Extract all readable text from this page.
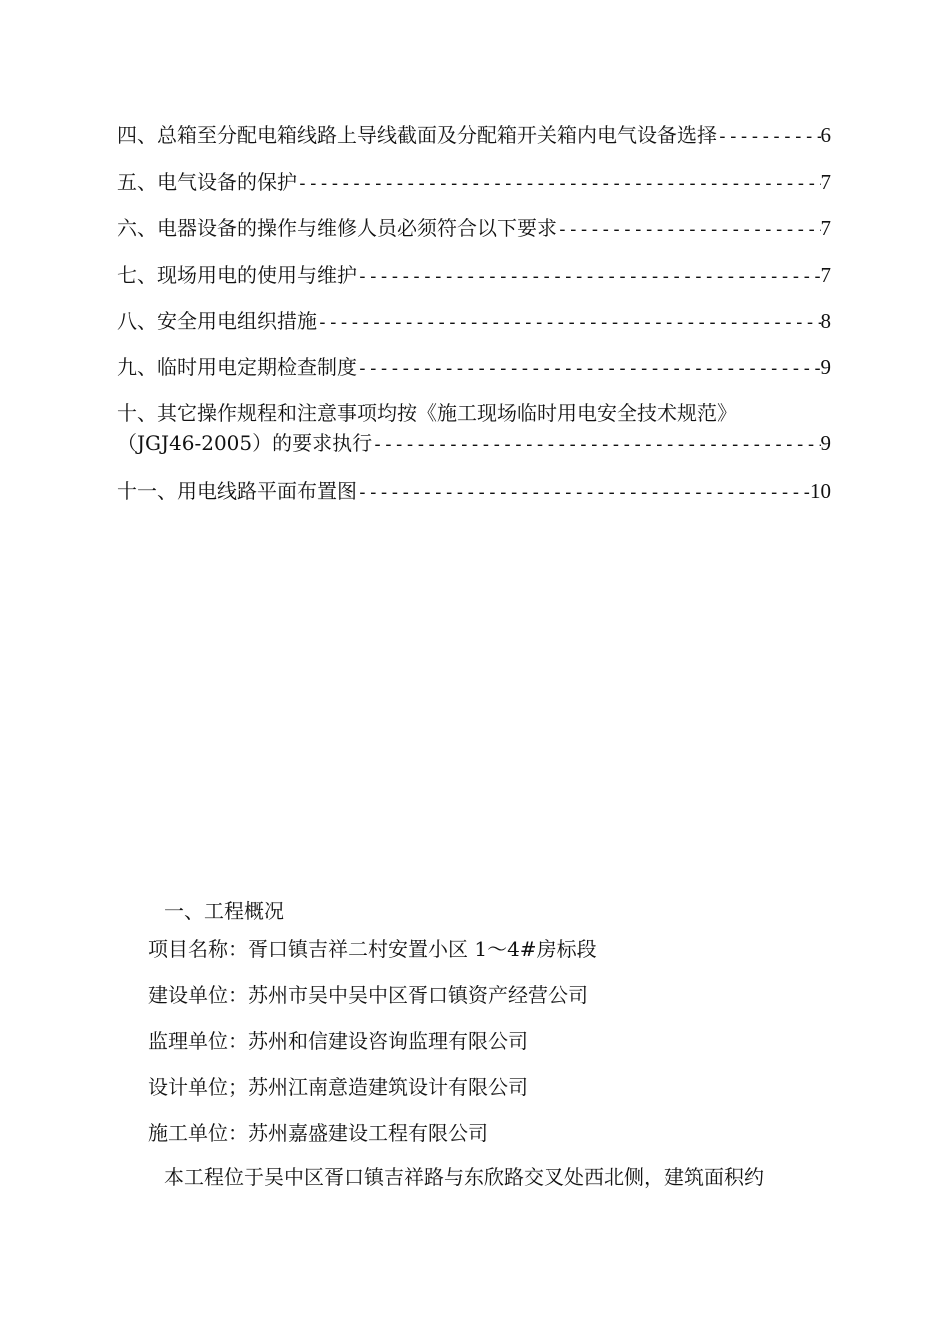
四、总箱至分配电箱线路上导线截面及分配箱开关箱内电气设备选择 -----	6
五、电气设备的保护 -----	7
六、电器设备的操作与维修人员必须符合以下要求 -----	7
七、现场用电的使用与维护 -----	7
八、安全用电组织措施 -----	8
九、临时用电定期检查制度 -----	9
十、其它操作规程和注意事项均按《施工现场临时用电安全技术规范》
（JGJ46-2005）的要求执行 -----	9
十一、用电线路平面布置图 -----	10
一、工程概况
项目名称：胥口镇吉祥二村安置小区 1～4#房标段
建设单位：苏州市吴中吴中区胥口镇资产经营公司
监理单位：苏州和信建设咨询监理有限公司
设计单位；苏州江南意造建筑设计有限公司
施工单位：苏州嘉盛建设工程有限公司
本工程位于吴中区胥口镇吉祥路与东欣路交叉处西北侧，建筑面积约
